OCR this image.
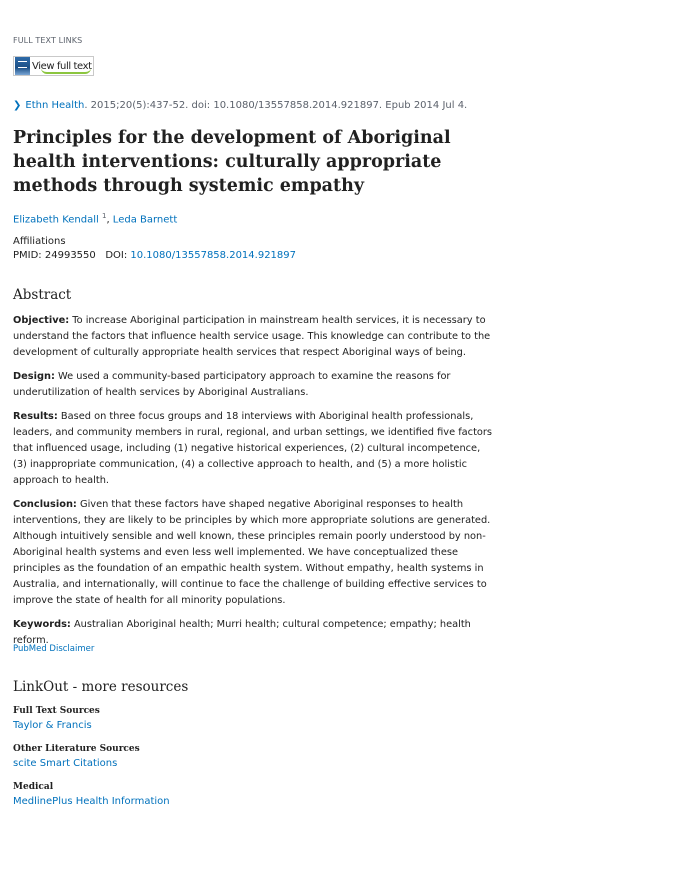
FULL TEXT LINKS
View full text
❯ Ethn Health. 2015;20(5):437-52. doi: 10.1080/13557858.2014.921897. Epub 2014 Jul 4.
Principles for the development of Aboriginal health interventions: culturally appropriate methods through systemic empathy
Elizabeth Kendall $^1$, Leda Barnett
Affiliations
PMID: 24993550 DOI: 10.1080/13557858.2014.921897
Abstract

Objective: To increase Aboriginal participation in mainstream health services, it is necessary to understand the factors that influence health service usage. This knowledge can contribute to the development of culturally appropriate health services that respect Aboriginal ways of being.

Design: We used a community-based participatory approach to examine the reasons for underutilization of health services by Aboriginal Australians.

Results: Based on three focus groups and 18 interviews with Aboriginal health professionals, leaders, and community members in rural, regional, and urban settings, we identified five factors that influenced usage, including (1) negative historical experiences, (2) cultural incompetence, (3) inappropriate communication, (4) a collective approach to health, and (5) a more holistic approach to health.

Conclusion: Given that these factors have shaped negative Aboriginal responses to health interventions, they are likely to be principles by which more appropriate solutions are generated. Although intuitively sensible and well known, these principles remain poorly understood by non-Aboriginal health systems and even less well implemented. We have conceptualized these principles as the foundation of an empathic health system. Without empathy, health systems in Australia, and internationally, will continue to face the challenge of building effective services to improve the state of health for all minority populations.

Keywords: Australian Aboriginal health; Murri health; cultural competence; empathy; health reform.

PubMed Disclaimer
LinkOut - more resources
Full Text Sources
Taylor & Francis
Other Literature Sources
scite Smart Citations
Medical
MedlinePlus Health Information
